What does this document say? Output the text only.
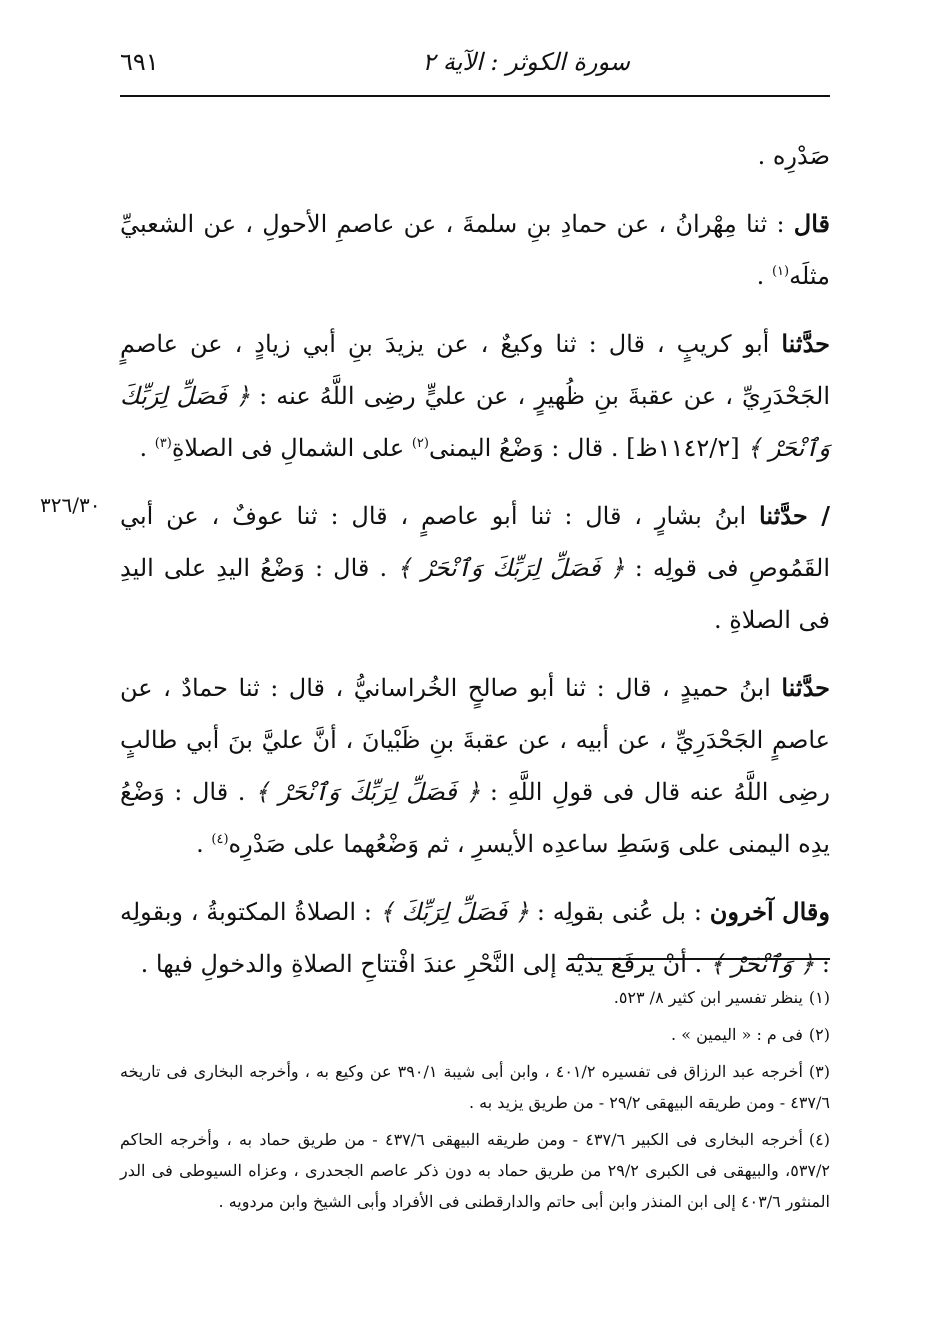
سورة الكوثر : الآية ٢
٦٩١
٣٢٦/٣٠

صَدْرِه .

قال : ثنا مِهْرانُ ، عن حمادِ بنِ سلمةَ ، عن عاصمِ الأحولِ ، عن الشعبيِّ مثلَه$^{(١)}$ .

حدَّثنا أبو كريبٍ ، قال : ثنا وكيعٌ ، عن يزيدَ بنِ أبي زيادٍ ، عن عاصمٍ الجَحْدَرِيِّ ، عن عقبةَ بنِ ظُهيرٍ ، عن عليٍّ رضِى اللَّهُ عنه : ﴿ فَصَلِّ لِرَبِّكَ وَٱنْحَرْ ﴾ [١١٤٢/٢ظ] . قال : وَضْعُ اليمنى$^{(٢)}$ على الشمالِ فى الصلاةِ$^{(٣)}$ .

/ حدَّثنا ابنُ بشارٍ ، قال : ثنا أبو عاصمٍ ، قال : ثنا عوفٌ ، عن أبي القَمُوصِ فى قولِه : ﴿ فَصَلِّ لِرَبِّكَ وَٱنْحَرْ ﴾ . قال : وَضْعُ اليدِ على اليدِ فى الصلاةِ .

حدَّثنا ابنُ حميدٍ ، قال : ثنا أبو صالحٍ الخُراسانيُّ ، قال : ثنا حمادٌ ، عن عاصمٍ الجَحْدَرِيِّ ، عن أبيه ، عن عقبةَ بنِ ظَبْيانَ ، أنَّ عليَّ بنَ أبي طالبٍ رضِى اللَّهُ عنه قال فى قولِ اللَّهِ : ﴿ فَصَلِّ لِرَبِّكَ وَٱنْحَرْ ﴾ . قال : وَضْعُ يدِه اليمنى على وَسَطِ ساعدِه الأيسرِ ، ثم وَضْعُهما على صَدْرِه$^{(٤)}$ .

وقال آخرون : بل عُنى بقولِه : ﴿ فَصَلِّ لِرَبِّكَ ﴾ : الصلاةُ المكتوبةُ ، وبقولِه : ﴿ وَٱنْحَرْ ﴾ . أنْ يرفَعَ يدَيْه إلى النَّحْرِ عندَ افْتتاحِ الصلاةِ والدخولِ فيها .

(١)ينظر تفسير ابن كثير ٨/ ٥٢٣.

(٢)فى م : « اليمين » .

(٣)أخرجه عبد الرزاق فى تفسيره ٤٠١/٢ ، وابن أبى شيبة ٣٩٠/١ عن وكيع به ، وأخرجه البخارى فى تاريخه ٤٣٧/٦ - ومن طريقه البيهقى ٢٩/٢ - من طريق يزيد به .

(٤)أخرجه البخارى فى الكبير ٤٣٧/٦ - ومن طريقه البيهقى ٤٣٧/٦ - من طريق حماد به ، وأخرجه الحاكم ٥٣٧/٢، والبيهقى فى الكبرى ٢٩/٢ من طريق حماد به دون ذكر عاصم الجحدرى ، وعزاه السيوطى فى الدر المنثور ٤٠٣/٦ إلى ابن المنذر وابن أبى حاتم والدارقطنى فى الأفراد وأبى الشيخ وابن مردويه .
